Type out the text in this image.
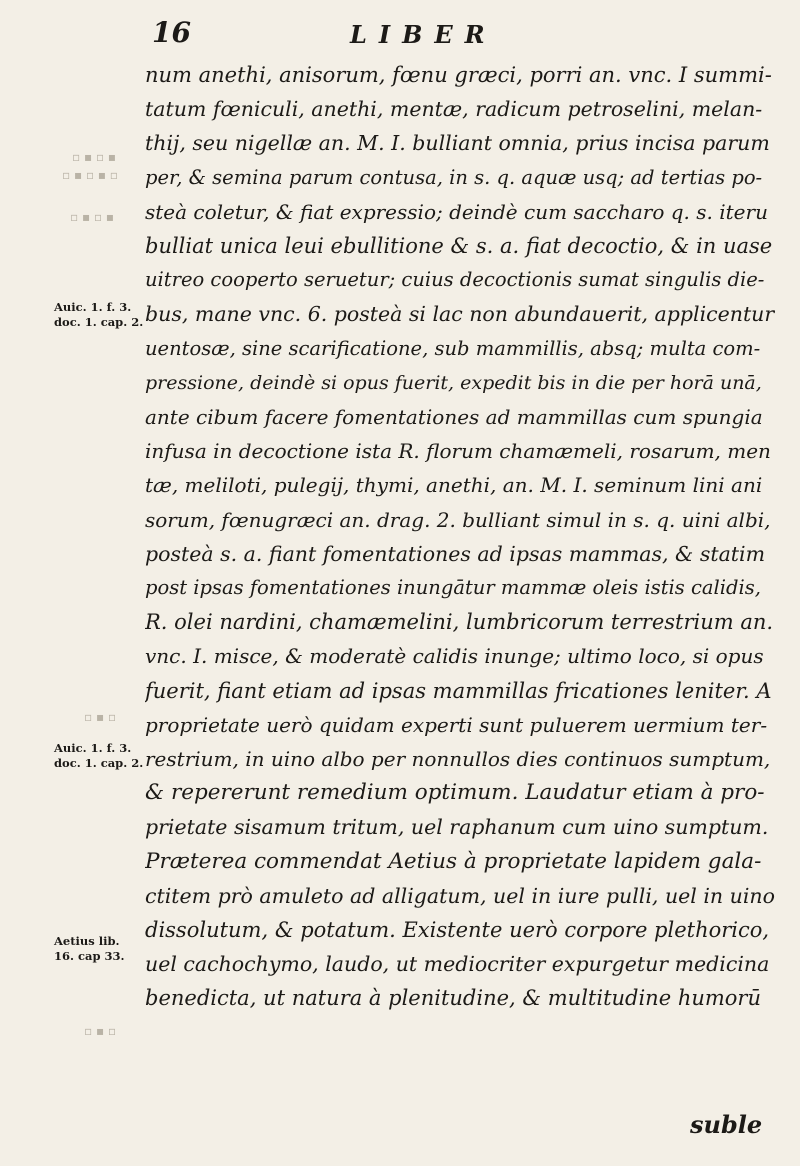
16	LIBER
▪ ▫ ▪ ▫
▫ ▪ ▫ ▪ ▫
▪ ▫ ▪ ▫
▫ ▪ ▫
▫ ▪ ▫
Auic. 1. f. 3.
doc. 1. cap. 2.
Auic. 1. f. 3.
doc. 1. cap. 2.
Aetius lib.
16. cap 33.
num anethi, anisorum, fœnu græci, porri an. vnc. I summi-
tatum fœniculi, anethi, mentæ, radicum petroselini, melan-
thij, seu nigellæ an. M. I. bulliant omnia, prius incisa parum
per, & semina parum contusa, in s. q. aquæ usq; ad tertias po-
steà coletur, & fiat expressio; deindè cum saccharo q. s. iteru
bulliat unica leui ebullitione & s. a. fiat decoctio, & in uase
uitreo cooperto seruetur; cuius decoctionis sumat singulis die-
bus, mane vnc. 6. posteà si lac non abundauerit, applicentur
uentosæ, sine scarificatione, sub mammillis, absq; multa com-
pressione, deindè si opus fuerit, expedit bis in die per horā unā,
ante cibum facere fomentationes ad mammillas cum spungia
infusa in decoctione ista R. florum chamæmeli, rosarum, men
tæ, meliloti, pulegij, thymi, anethi, an. M. I. seminum lini ani
sorum, fœnugræci an. drag. 2. bulliant simul in s. q. uini albi,
posteà s. a. fiant fomentationes ad ipsas mammas, & statim
post ipsas fomentationes inungātur mammæ oleis istis calidis,
R. olei nardini, chamæmelini, lumbricorum terrestrium an.
vnc. I. misce, & moderatè calidis inunge; ultimo loco, si opus
fuerit, fiant etiam ad ipsas mammillas fricationes leniter. A
proprietate uerò quidam experti sunt puluerem uermium ter-
restrium, in uino albo per nonnullos dies continuos sumptum,
& repererunt remedium optimum. Laudatur etiam à pro-
prietate sisamum tritum, uel raphanum cum uino sumptum.
Præterea commendat Aetius à proprietate lapidem gala-
ctitem prò amuleto ad alligatum, uel in iure pulli, uel in uino
dissolutum, & potatum. Existente uerò corpore plethorico,
uel cachochymo, laudo, ut mediocriter expurgetur medicina
benedicta, ut natura à plenitudine, & multitudine humorū
suble
